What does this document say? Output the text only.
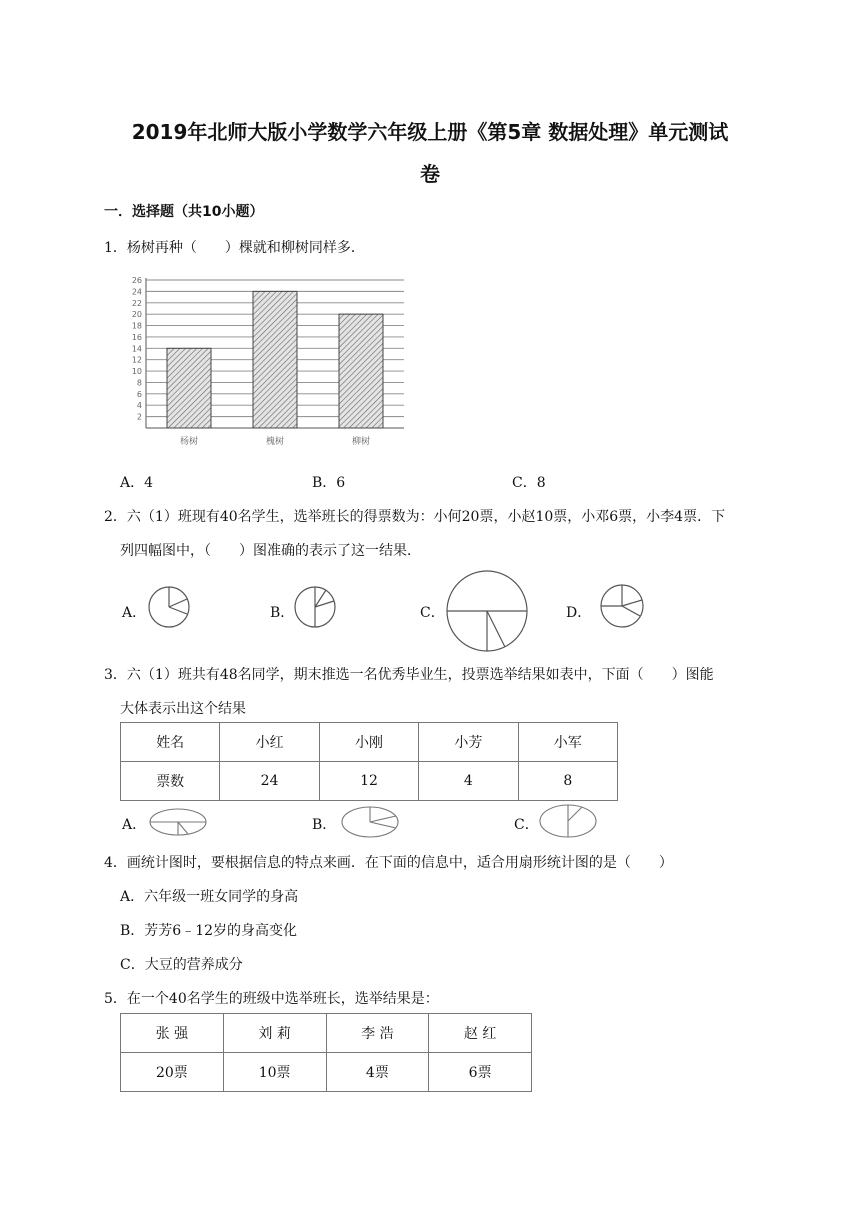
2019年北师大版小学数学六年级上册《第5章 数据处理》单元测试
卷
一．选择题（共10小题）
1．杨树再种（　　）棵就和柳树同样多．
2
4
6
8
10
12
14
16
18
20
22
24
26
杨树	槐树	柳树
A．4	B．6	C．8
2．六（1）班现有40名学生，选举班长的得票数为：小何20票，小赵10票，小邓6票，小李4票．下
列四幅图中，（　　）图准确的表示了这一结果．
A．	B．	C．	D．
3．六（1）班共有48名同学，期末推选一名优秀毕业生，投票选举结果如表中，下面（　　）图能
大体表示出这个结果
姓名	小红	小刚	小芳	小军
票数	24	12	4	8
A．	B．	C．
4．画统计图时，要根据信息的特点来画．在下面的信息中，适合用扇形统计图的是（　　）
A．六年级一班女同学的身高
B．芳芳6﹣12岁的身高变化
C．大豆的营养成分
5．在一个40名学生的班级中选举班长，选举结果是：
张 强	刘 莉	李 浩	赵 红
20票	10票	4票	6票
